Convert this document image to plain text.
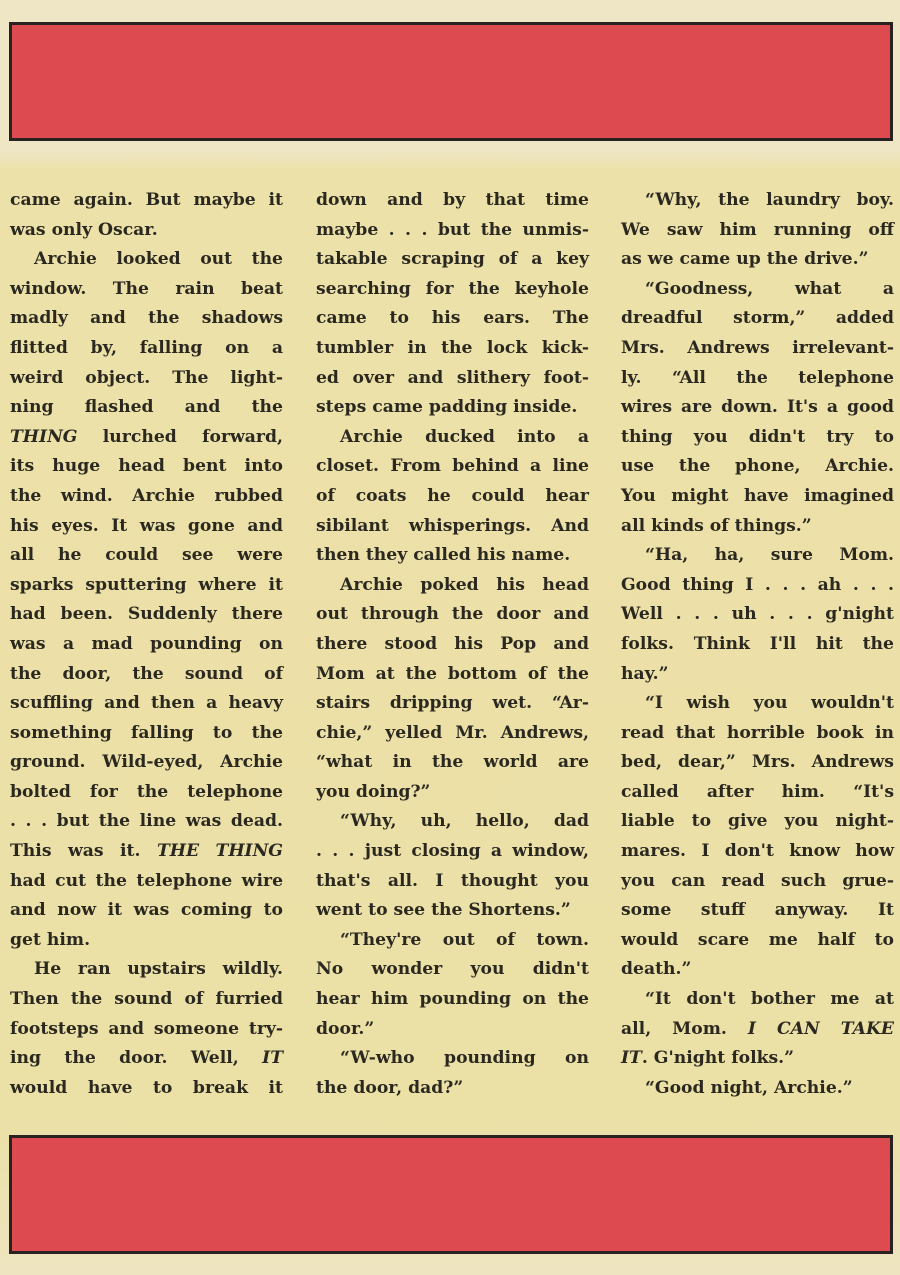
came again. But maybe it
was only Oscar.
Archie looked out the
window. The rain beat
madly and the shadows
flitted by, falling on a
weird object. The light-
ning flashed and the
THING lurched forward,
its huge head bent into
the wind. Archie rubbed
his eyes. It was gone and
all he could see were
sparks sputtering where it
had been. Suddenly there
was a mad pounding on
the door, the sound of
scuffling and then a heavy
something falling to the
ground. Wild-eyed, Archie
bolted for the telephone
. . . but the line was dead.
This was it. THE THING
had cut the telephone wire
and now it was coming to
get him.
He ran upstairs wildly.
Then the sound of furried
footsteps and someone try-
ing the door. Well, IT
would have to break it
down and by that time
maybe . . . but the unmis-
takable scraping of a key
searching for the keyhole
came to his ears. The
tumbler in the lock kick-
ed over and slithery foot-
steps came padding inside.
Archie ducked into a
closet. From behind a line
of coats he could hear
sibilant whisperings. And
then they called his name.
Archie poked his head
out through the door and
there stood his Pop and
Mom at the bottom of the
stairs dripping wet. “Ar-
chie,” yelled Mr. Andrews,
“what in the world are
you doing?”
“Why, uh, hello, dad
. . . just closing a window,
that's all. I thought you
went to see the Shortens.”
“They're out of town.
No wonder you didn't
hear him pounding on the
door.”
“W-who pounding on
the door, dad?”
“Why, the laundry boy.
We saw him running off
as we came up the drive.”
“Goodness, what a
dreadful storm,” added
Mrs. Andrews irrelevant-
ly. “All the telephone
wires are down. It's a good
thing you didn't try to
use the phone, Archie.
You might have imagined
all kinds of things.”
“Ha, ha, sure Mom.
Good thing I . . . ah . . .
Well . . . uh . . . g'night
folks. Think I'll hit the
hay.”
“I wish you wouldn't
read that horrible book in
bed, dear,” Mrs. Andrews
called after him. “It's
liable to give you night-
mares. I don't know how
you can read such grue-
some stuff anyway. It
would scare me half to
death.”
“It don't bother me at
all, Mom. I CAN TAKE
IT. G'night folks.”
“Good night, Archie.”
